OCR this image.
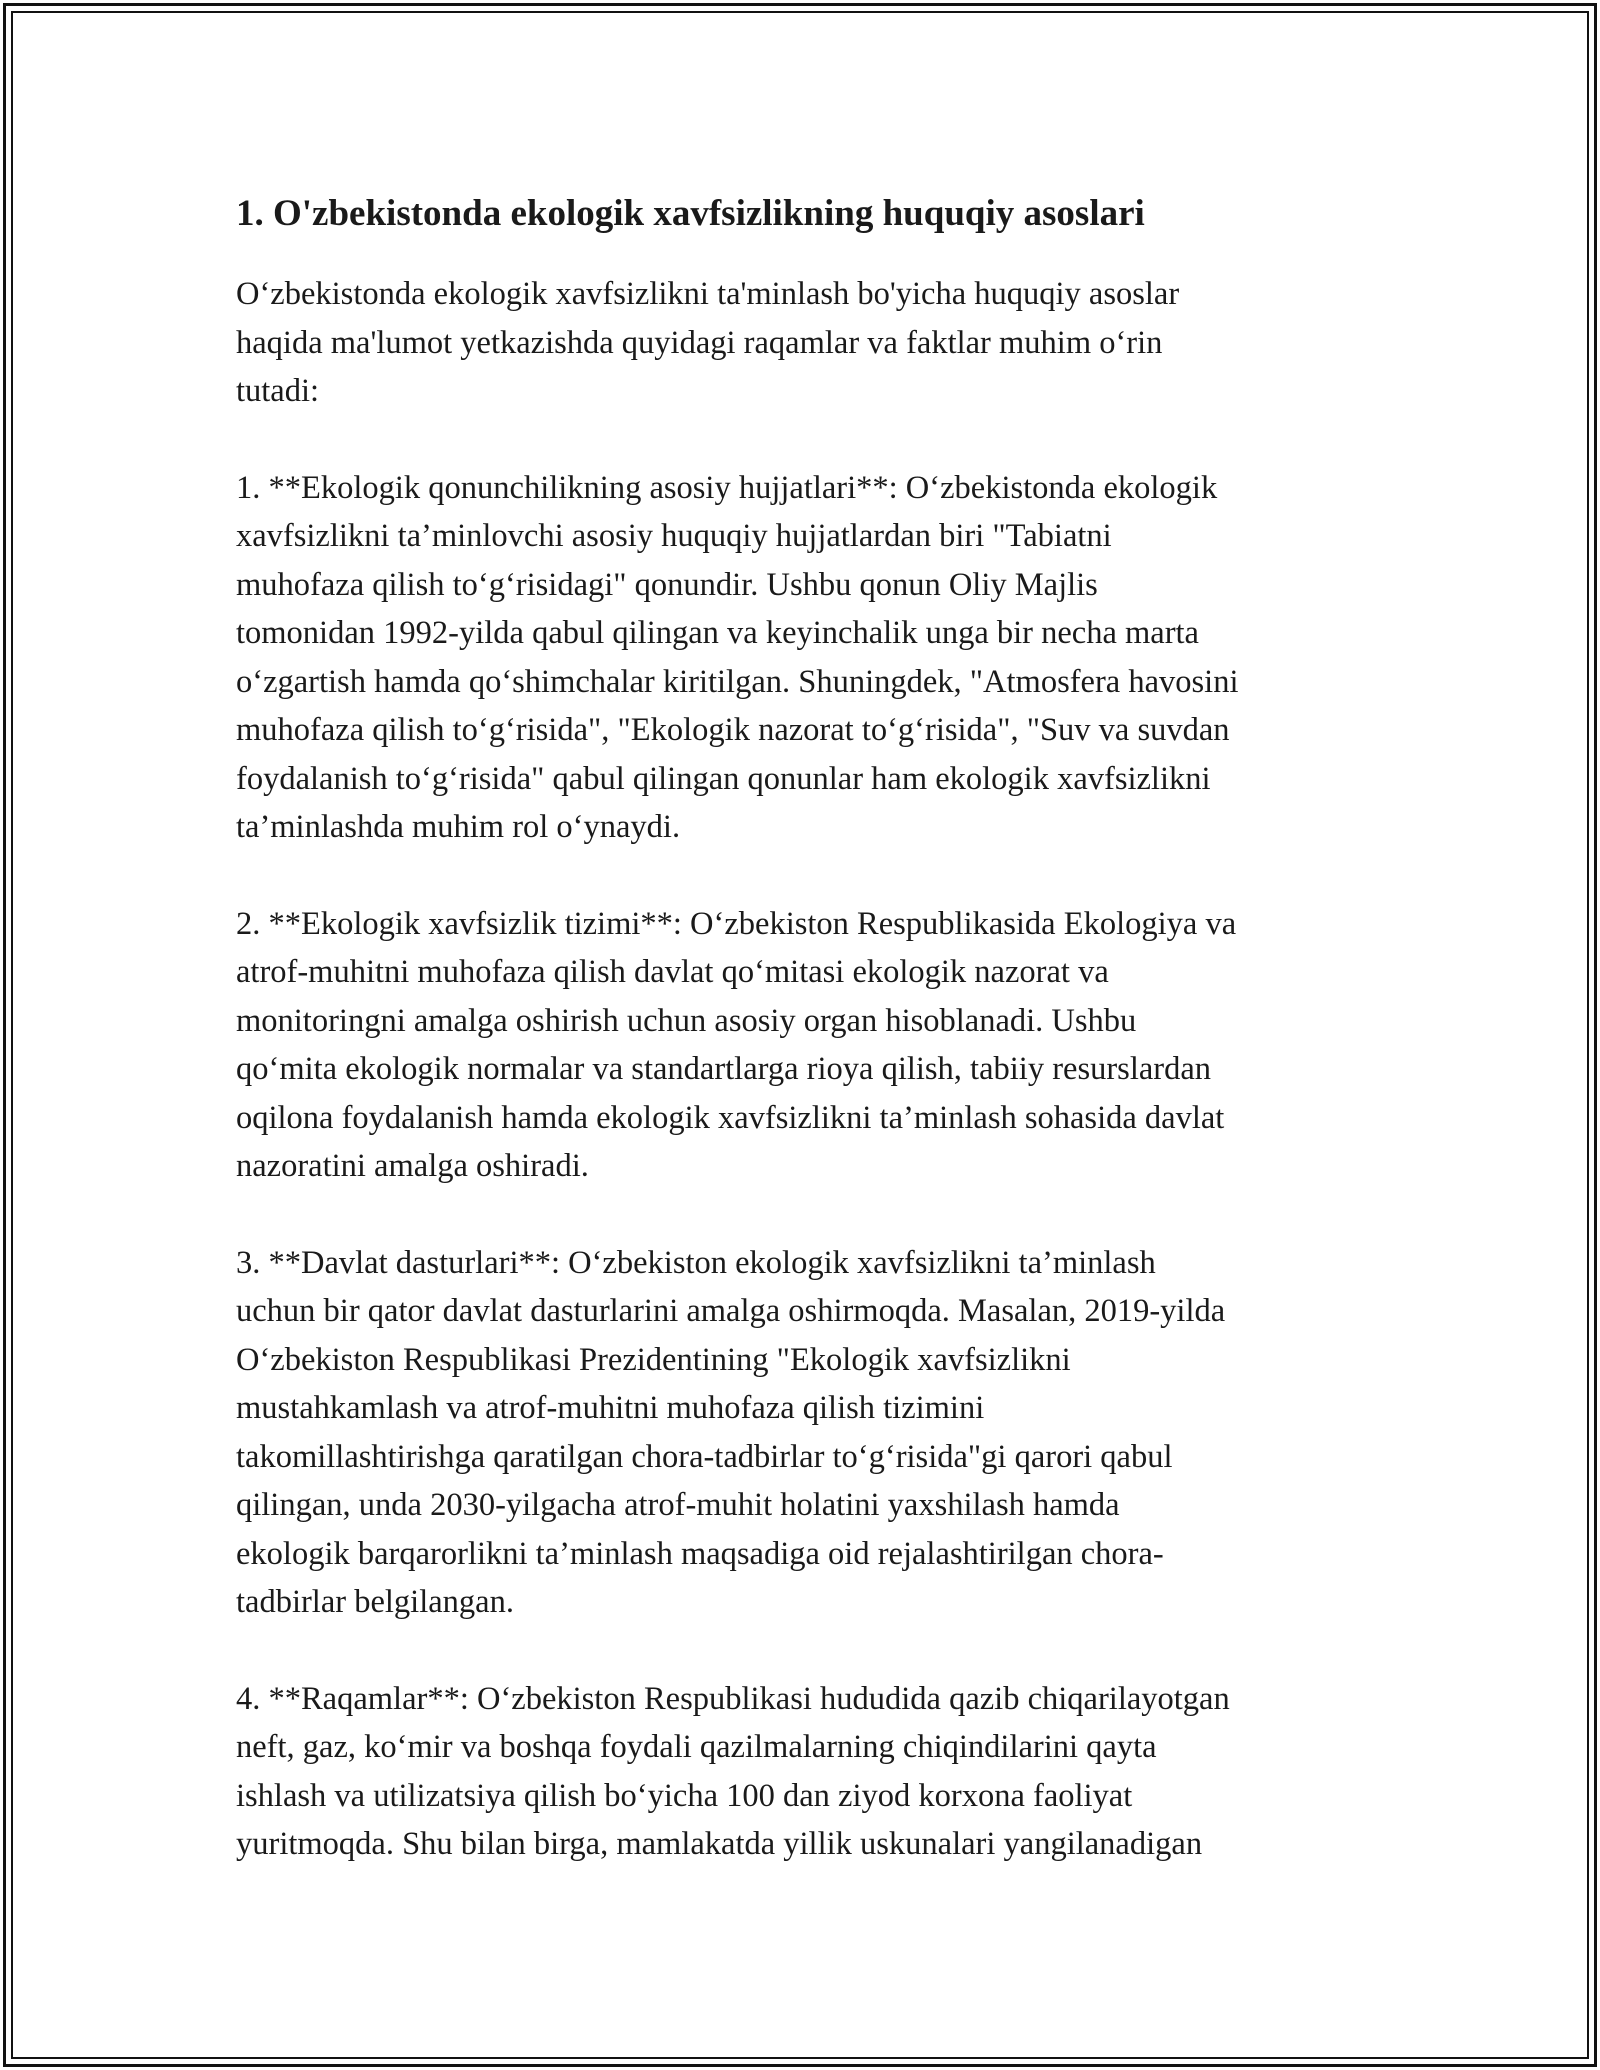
1. O'zbekistonda ekologik xavfsizlikning huquqiy asoslari

O‘zbekistonda ekologik xavfsizlikni ta'minlash bo'yicha huquqiy asoslar
haqida ma'lumot yetkazishda quyidagi raqamlar va faktlar muhim o‘rin
tutadi:

1. **Ekologik qonunchilikning asosiy hujjatlari**: O‘zbekistonda ekologik
xavfsizlikni ta’minlovchi asosiy huquqiy hujjatlardan biri "Tabiatni
muhofaza qilish to‘g‘risidagi" qonundir. Ushbu qonun Oliy Majlis
tomonidan 1992-yilda qabul qilingan va keyinchalik unga bir necha marta
o‘zgartish hamda qo‘shimchalar kiritilgan. Shuningdek, "Atmosfera havosini
muhofaza qilish to‘g‘risida", "Ekologik nazorat to‘g‘risida", "Suv va suvdan
foydalanish to‘g‘risida" qabul qilingan qonunlar ham ekologik xavfsizlikni
ta’minlashda muhim rol o‘ynaydi.

2. **Ekologik xavfsizlik tizimi**: O‘zbekiston Respublikasida Ekologiya va
atrof-muhitni muhofaza qilish davlat qo‘mitasi ekologik nazorat va
monitoringni amalga oshirish uchun asosiy organ hisoblanadi. Ushbu
qo‘mita ekologik normalar va standartlarga rioya qilish, tabiiy resurslardan
oqilona foydalanish hamda ekologik xavfsizlikni ta’minlash sohasida davlat
nazoratini amalga oshiradi.

3. **Davlat dasturlari**: O‘zbekiston ekologik xavfsizlikni ta’minlash
uchun bir qator davlat dasturlarini amalga oshirmoqda. Masalan, 2019-yilda
O‘zbekiston Respublikasi Prezidentining "Ekologik xavfsizlikni
mustahkamlash va atrof-muhitni muhofaza qilish tizimini
takomillashtirishga qaratilgan chora-tadbirlar to‘g‘risida"gi qarori qabul
qilingan, unda 2030-yilgacha atrof-muhit holatini yaxshilash hamda
ekologik barqarorlikni ta’minlash maqsadiga oid rejalashtirilgan chora-
tadbirlar belgilangan.

4. **Raqamlar**: O‘zbekiston Respublikasi hududida qazib chiqarilayotgan
neft, gaz, ko‘mir va boshqa foydali qazilmalarning chiqindilarini qayta
ishlash va utilizatsiya qilish bo‘yicha 100 dan ziyod korxona faoliyat
yuritmoqda. Shu bilan birga, mamlakatda yillik uskunalari yangilanadigan
